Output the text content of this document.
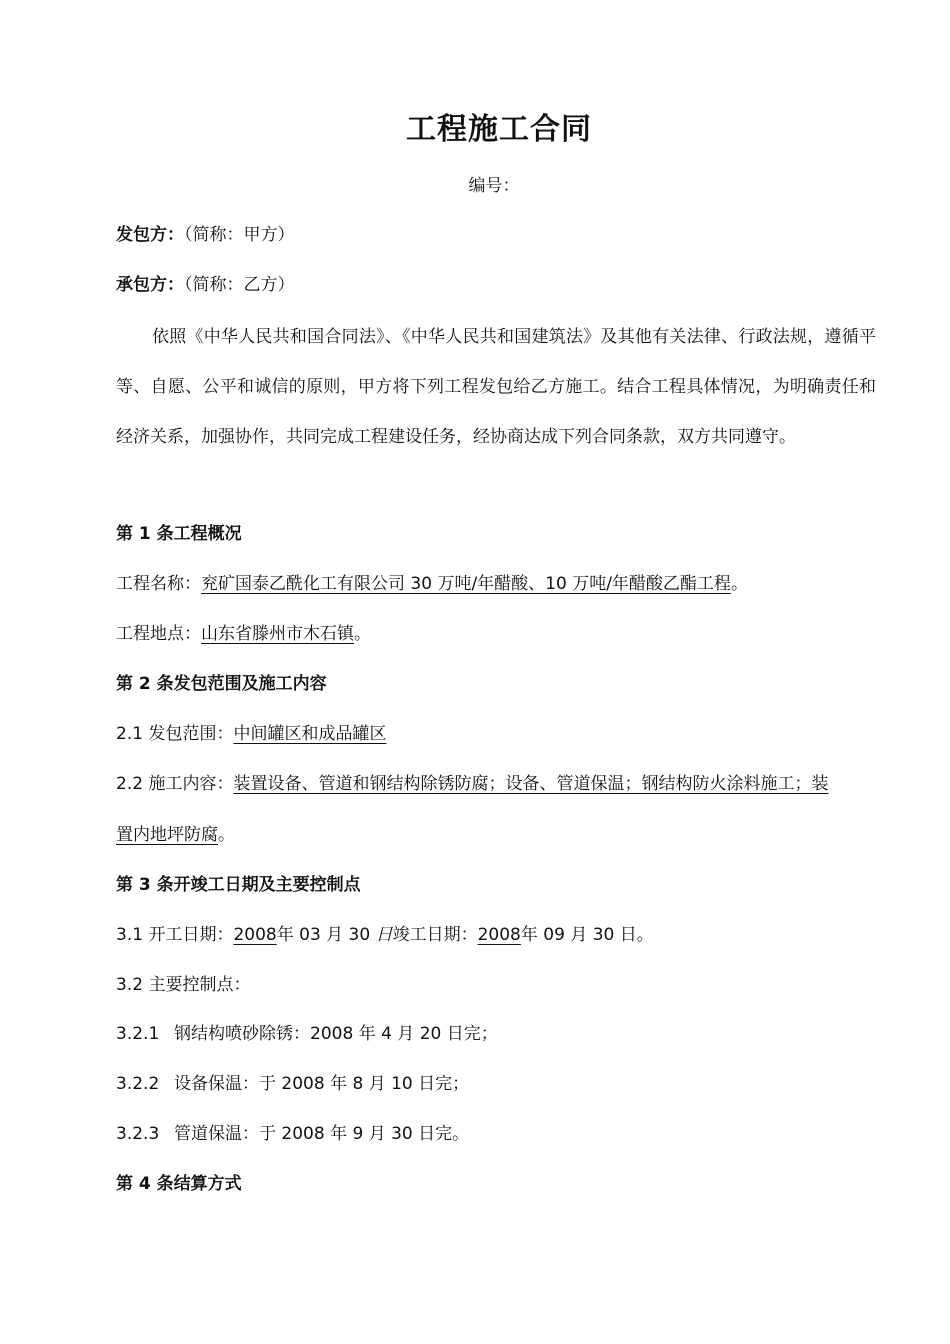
工程施工合同
编号：
发包方：（简称：甲方）
承包方：（简称：乙方）
依照《中华人民共和国合同法》、《中华人民共和国建筑法》及其他有关法律、行政法规，遵循平等、自愿、公平和诚信的原则，甲方将下列工程发包给乙方施工。结合工程具体情况，为明确责任和经济关系，加强协作，共同完成工程建设任务，经协商达成下列合同条款，双方共同遵守。
第 1 条工程概况
工程名称：兖矿国泰乙酰化工有限公司 30 万吨/年醋酸、10 万吨/年醋酸乙酯工程。
工程地点：山东省滕州市木石镇。
第 2 条发包范围及施工内容
2.1 发包范围：中间罐区和成品罐区
2.2 施工内容：装置设备、管道和钢结构除锈防腐；设备、管道保温；钢结构防火涂料施工；装
置内地坪防腐。
第 3 条开竣工日期及主要控制点
3.1 开工日期：2008年 03 月 30 日竣工日期：2008年 09 月 30 日。
3.2 主要控制点：
3.2.1 钢结构喷砂除锈：2008 年 4 月 20 日完；
3.2.2 设备保温：于 2008 年 8 月 10 日完；
3.2.3 管道保温：于 2008 年 9 月 30 日完。
第 4 条结算方式
